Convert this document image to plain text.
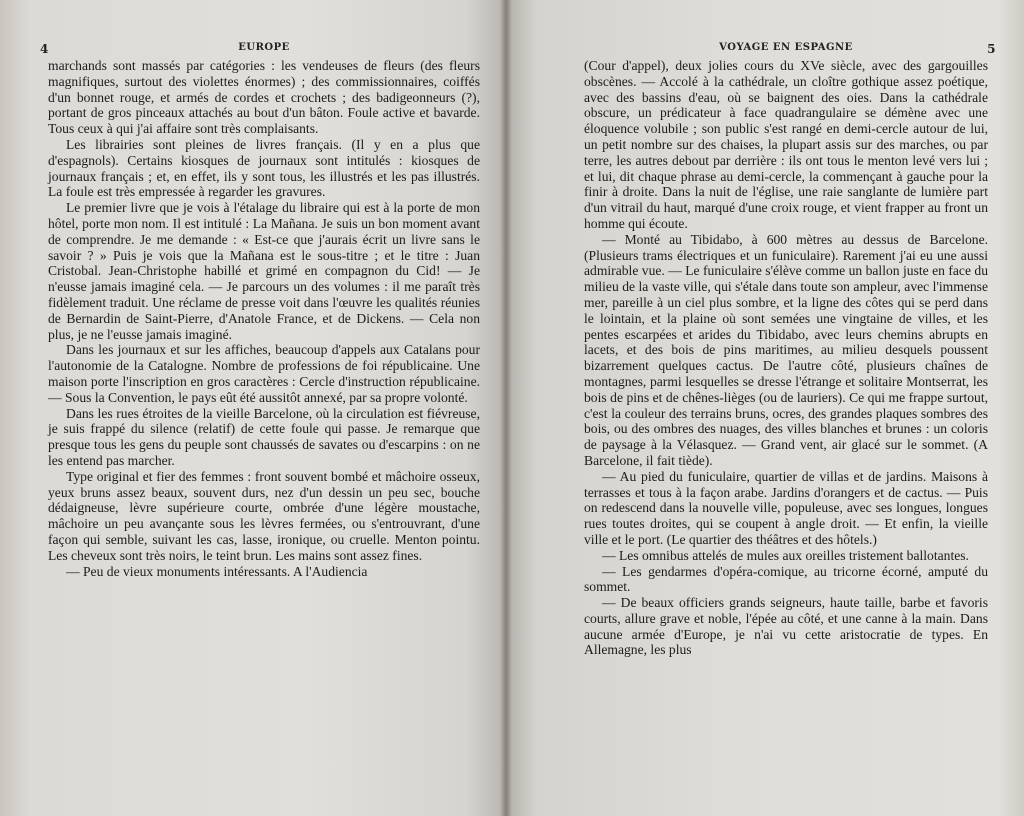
4	EUROPE

marchands sont massés par catégories : les vendeuses de fleurs (des fleurs magnifiques, surtout des violettes énormes) ; des commissionnaires, coiffés d'un bonnet rouge, et armés de cordes et crochets ; des badigeonneurs (?), portant de gros pinceaux attachés au bout d'un bâton. Foule active et bavarde. Tous ceux à qui j'ai affaire sont très complaisants.

Les librairies sont pleines de livres français. (Il y en a plus que d'espagnols). Certains kiosques de journaux sont intitulés : kiosques de journaux français ; et, en effet, ils y sont tous, les illustrés et les pas illustrés. La foule est très empressée à regarder les gravures.

Le premier livre que je vois à l'étalage du libraire qui est à la porte de mon hôtel, porte mon nom. Il est intitulé : La Mañana. Je suis un bon moment avant de comprendre. Je me demande : « Est-ce que j'aurais écrit un livre sans le savoir ? » Puis je vois que la Mañana est le sous-titre ; et le titre : Juan Cristobal. Jean-Christophe habillé et grimé en compagnon du Cid! — Je n'eusse jamais imaginé cela. — Je parcours un des volumes : il me paraît très fidèlement traduit. Une réclame de presse voit dans l'œuvre les qualités réunies de Bernardin de Saint-Pierre, d'Anatole France, et de Dickens. — Cela non plus, je ne l'eusse jamais imaginé.

Dans les journaux et sur les affiches, beaucoup d'appels aux Catalans pour l'autonomie de la Catalogne. Nombre de professions de foi républicaine. Une maison porte l'inscription en gros caractères : Cercle d'instruction républicaine. — Sous la Convention, le pays eût été aussitôt annexé, par sa propre volonté.

Dans les rues étroites de la vieille Barcelone, où la circulation est fiévreuse, je suis frappé du silence (relatif) de cette foule qui passe. Je remarque que presque tous les gens du peuple sont chaussés de savates ou d'escarpins : on ne les entend pas marcher.

Type original et fier des femmes : front souvent bombé et mâchoire osseux, yeux bruns assez beaux, souvent durs, nez d'un dessin un peu sec, bouche dédaigneuse, lèvre supérieure courte, ombrée d'une légère moustache, mâchoire un peu avançante sous les lèvres fermées, ou s'entrouvrant, d'une façon qui semble, suivant les cas, lasse, ironique, ou cruelle. Menton pointu. Les cheveux sont très noirs, le teint brun. Les mains sont assez fines.

— Peu de vieux monuments intéressants. A l'Audiencia

VOYAGE EN ESPAGNE	5

(Cour d'appel), deux jolies cours du XVe siècle, avec des gargouilles obscènes. — Accolé à la cathédrale, un cloître gothique assez poétique, avec des bassins d'eau, où se baignent des oies. Dans la cathédrale obscure, un prédicateur à face quadrangulaire se démène avec une éloquence volubile ; son public s'est rangé en demi-cercle autour de lui, un petit nombre sur des chaises, la plupart assis sur des marches, ou par terre, les autres debout par derrière : ils ont tous le menton levé vers lui ; et lui, dit chaque phrase au demi-cercle, la commençant à gauche pour la finir à droite. Dans la nuit de l'église, une raie sanglante de lumière part d'un vitrail du haut, marqué d'une croix rouge, et vient frapper au front un homme qui écoute.

— Monté au Tibidabo, à 600 mètres au dessus de Barcelone. (Plusieurs trams électriques et un funiculaire). Rarement j'ai eu une aussi admirable vue. — Le funiculaire s'élève comme un ballon juste en face du milieu de la vaste ville, qui s'étale dans toute son ampleur, avec l'immense mer, pareille à un ciel plus sombre, et la ligne des côtes qui se perd dans le lointain, et la plaine où sont semées une vingtaine de villes, et les pentes escarpées et arides du Tibidabo, avec leurs chemins abrupts en lacets, et des bois de pins maritimes, au milieu desquels poussent bizarrement quelques cactus. De l'autre côté, plusieurs chaînes de montagnes, parmi lesquelles se dresse l'étrange et solitaire Montserrat, les bois de pins et de chênes-lièges (ou de lauriers). Ce qui me frappe surtout, c'est la couleur des terrains bruns, ocres, des grandes plaques sombres des bois, ou des ombres des nuages, des villes blanches et brunes : un coloris de paysage à la Vélasquez. — Grand vent, air glacé sur le sommet. (A Barcelone, il fait tiède).

— Au pied du funiculaire, quartier de villas et de jardins. Maisons à terrasses et tous à la façon arabe. Jardins d'orangers et de cactus. — Puis on redescend dans la nouvelle ville, populeuse, avec ses longues, longues rues toutes droites, qui se coupent à angle droit. — Et enfin, la vieille ville et le port. (Le quartier des théâtres et des hôtels.)

— Les omnibus attelés de mules aux oreilles tristement ballotantes.

— Les gendarmes d'opéra-comique, au tricorne écorné, amputé du sommet.

— De beaux officiers grands seigneurs, haute taille, barbe et favoris courts, allure grave et noble, l'épée au côté, et une canne à la main. Dans aucune armée d'Europe, je n'ai vu cette aristocratie de types. En Allemagne, les plus
